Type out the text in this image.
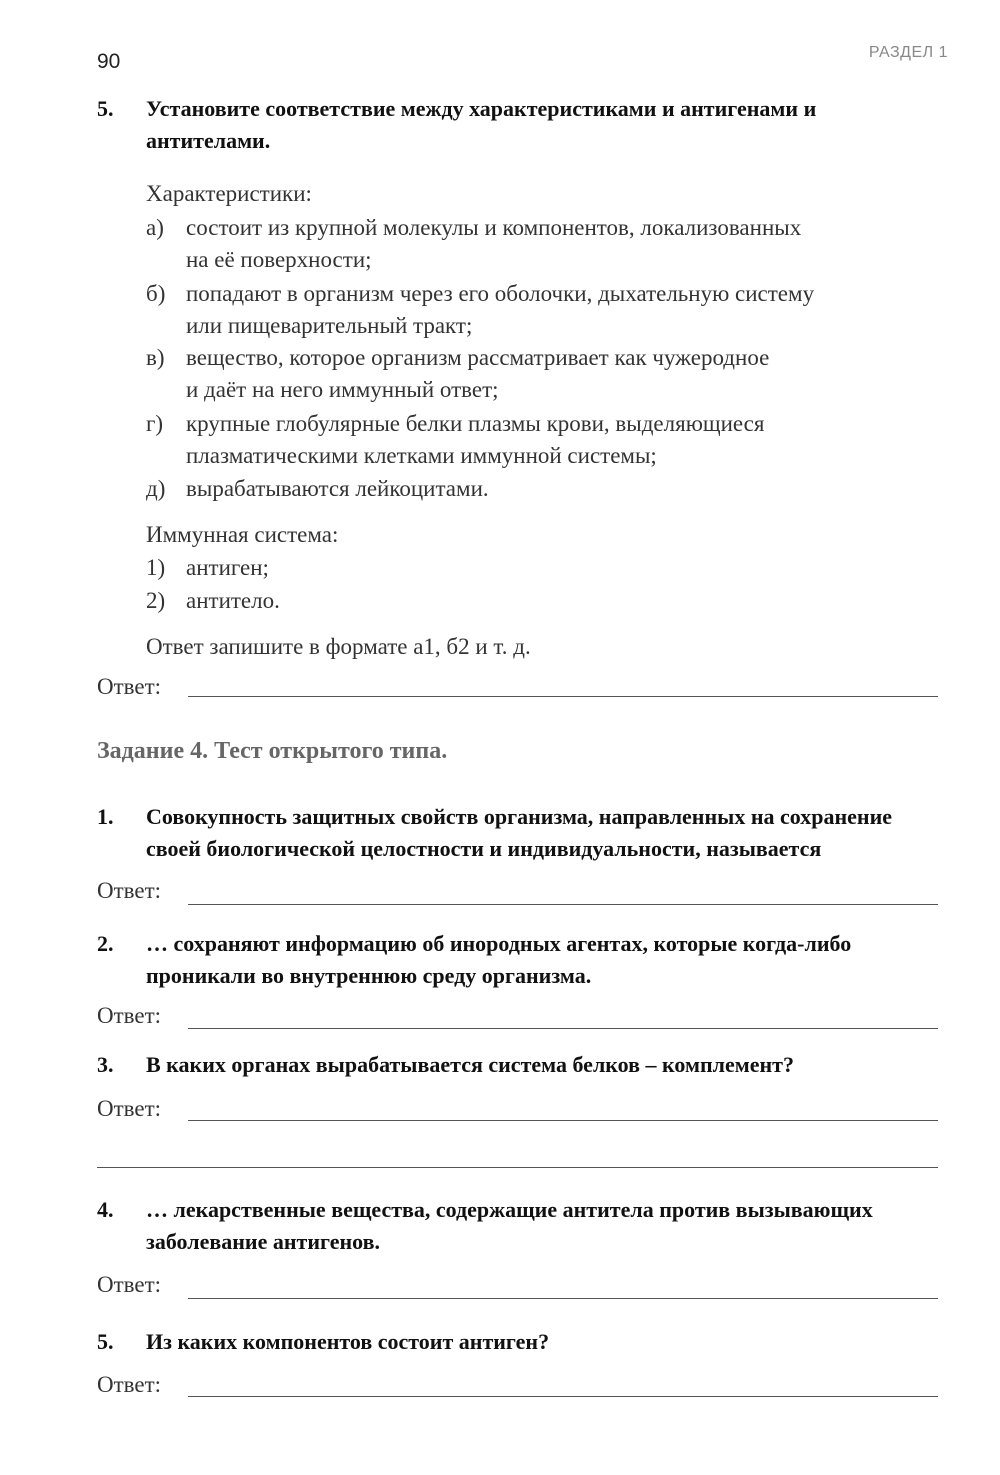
90	РАЗДЕЛ 1
5. Установите соответствие между характеристиками и антигенами и антителами.
Характеристики:
а) состоит из крупной молекулы и компонентов, локализованных
на её поверхности;
б) попадают в организм через его оболочки, дыхательную систему
или пищеварительный тракт;
в) вещество, которое организм рассматривает как чужеродное
и даёт на него иммунный ответ;
г) крупные глобулярные белки плазмы крови, выделяющиеся
плазматическими клетками иммунной системы;
д) вырабатываются лейкоцитами.
Иммунная система:
1) антиген;
2) антитело.
Ответ запишите в формате а1, б2 и т. д.
Ответ:
Задание 4. Тест открытого типа.
1. Совокупность защитных свойств организма, направленных на сохранение своей биологической целостности и индивидуальности, называется
Ответ:
2. … сохраняют информацию об инородных агентах, которые когда-либо проникали во внутреннюю среду организма.
Ответ:
3. В каких органах вырабатывается система белков – комплемент?
Ответ:
4. … лекарственные вещества, содержащие антитела против вызывающих заболевание антигенов.
Ответ:
5. Из каких компонентов состоит антиген?
Ответ:
